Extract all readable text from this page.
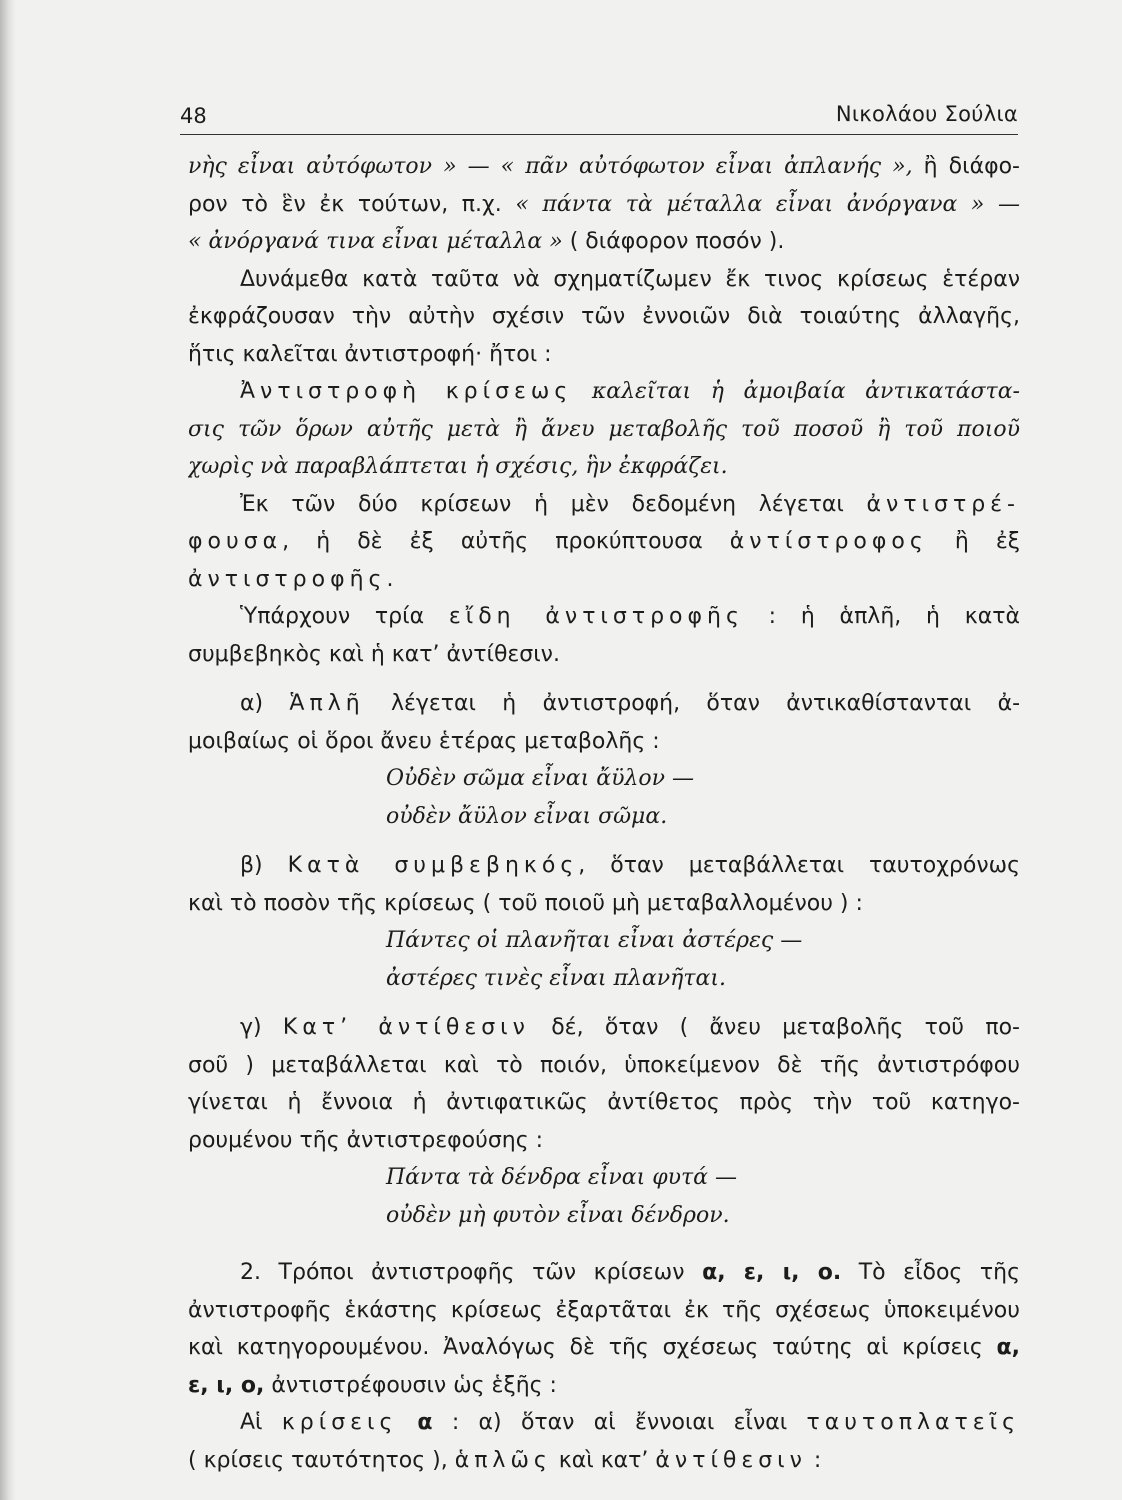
48	Νικολάου Σούλια
νὴς εἶναι αὐτόφωτον » — « πᾶν αὐτόφωτον εἶναι ἀπλανής », ἢ διάφο-
ρον τὸ ἓν ἐκ τούτων, π.χ. « πάντα τὰ μέταλλα εἶναι ἀνόργανα » —
« ἀνόργανά τινα εἶναι μέταλλα » ( διάφορον ποσόν ).
Δυνάμεθα κατὰ ταῦτα νὰ σχηματίζωμεν ἔκ τινος κρίσεως ἑτέραν
ἐκφράζουσαν τὴν αὐτὴν σχέσιν τῶν ἐννοιῶν διὰ τοιαύτης ἀλλαγῆς,
ἥτις καλεῖται ἀντιστροφή· ἤτοι :
Ἀντιστροφὴ κρίσεως καλεῖται ἡ ἀμοιβαία ἀντικατάστα-
σις τῶν ὅρων αὐτῆς μετὰ ἢ ἄνευ μεταβολῆς τοῦ ποσοῦ ἢ τοῦ ποιοῦ
χωρὶς νὰ παραβλάπτεται ἡ σχέσις, ἣν ἐκφράζει.
Ἐκ τῶν δύο κρίσεων ἡ μὲν δεδομένη λέγεται ἀντιστρέ-
φουσα, ἡ δὲ ἐξ αὐτῆς προκύπτουσα ἀντίστροφος ἢ ἐξ
ἀντιστροφῆς.
Ὑπάρχουν τρία εἴδη ἀντιστροφῆς : ἡ ἁπλῆ, ἡ κατὰ
συμβεβηκὸς καὶ ἡ κατ’ ἀντίθεσιν.
α) Ἁπλῆ λέγεται ἡ ἀντιστροφή, ὅταν ἀντικαθίστανται ἀ-
μοιβαίως οἱ ὅροι ἄνευ ἑτέρας μεταβολῆς :
Οὐδὲν σῶμα εἶναι ἄϋλον —
οὐδὲν ἄϋλον εἶναι σῶμα.
β) Κατὰ συμβεβηκός, ὅταν μεταβάλλεται ταυτοχρόνως
καὶ τὸ ποσὸν τῆς κρίσεως ( τοῦ ποιοῦ μὴ μεταβαλλομένου ) :
Πάντες οἱ πλανῆται εἶναι ἀστέρες —
ἀστέρες τινὲς εἶναι πλανῆται.
γ) Κατ’ ἀντίθεσιν δέ, ὅταν ( ἄνευ μεταβολῆς τοῦ πο-
σοῦ ) μεταβάλλεται καὶ τὸ ποιόν, ὑποκείμενον δὲ τῆς ἀντιστρόφου
γίνεται ἡ ἔννοια ἡ ἀντιφατικῶς ἀντίθετος πρὸς τὴν τοῦ κατηγο-
ρουμένου τῆς ἀντιστρεφούσης :
Πάντα τὰ δένδρα εἶναι φυτά —
οὐδὲν μὴ φυτὸν εἶναι δένδρον.
2. Τρόποι ἀντιστροφῆς τῶν κρίσεων α, ε, ι, ο. Τὸ εἶδος τῆς
ἀντιστροφῆς ἑκάστης κρίσεως ἐξαρτᾶται ἐκ τῆς σχέσεως ὑποκειμένου
καὶ κατηγορουμένου. Ἀναλόγως δὲ τῆς σχέσεως ταύτης αἱ κρίσεις α,
ε, ι, ο, ἀντιστρέφουσιν ὡς ἑξῆς :
Αἱ κρίσεις α : α) ὅταν αἱ ἔννοιαι εἶναι ταυτοπλατεῖς
( κρίσεις ταυτότητος ), ἁπλῶς καὶ κατ’ ἀντίθεσιν :
